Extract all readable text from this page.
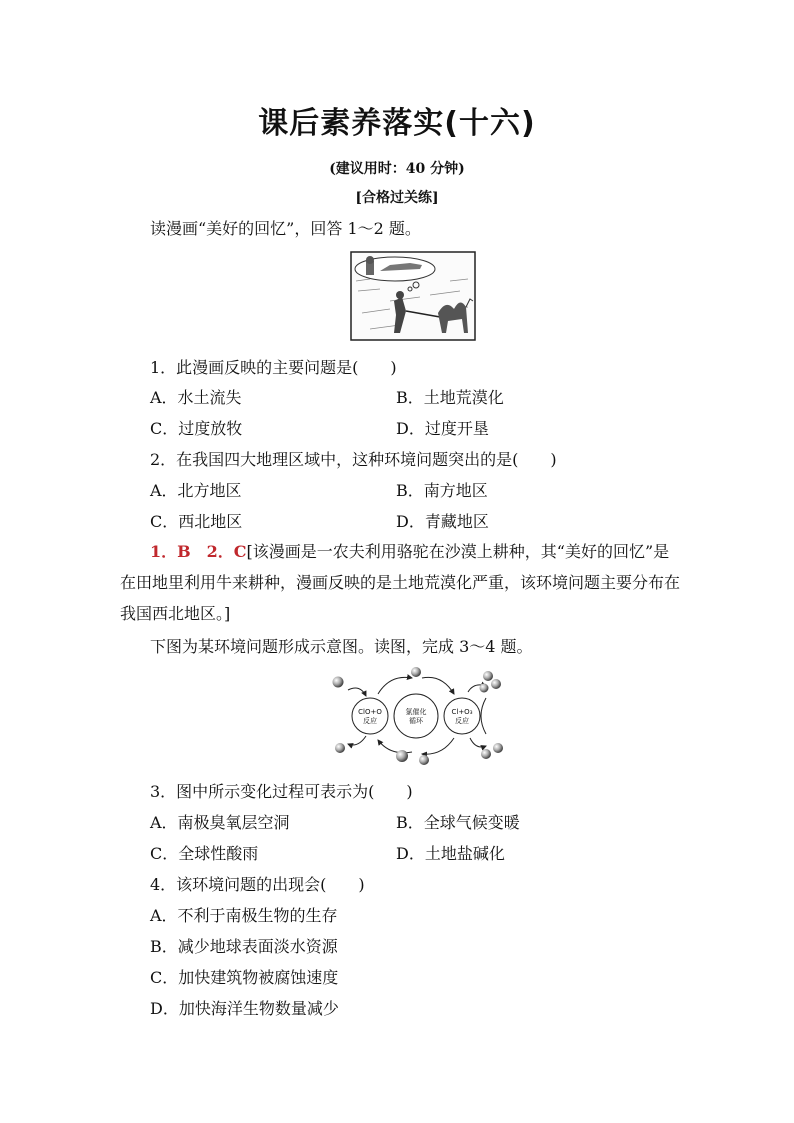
课后素养落实(十六)
(建议用时：40 分钟)
[合格过关练]
读漫画“美好的回忆”，回答 1～2 题。
1．此漫画反映的主要问题是(　　)
A．水土流失	B．土地荒漠化
C．过度放牧	D．过度开垦
2．在我国四大地理区域中，这种环境问题突出的是(　　)
A．北方地区	B．南方地区
C．西北地区	D．青藏地区
1．B　2．C[该漫画是一农夫利用骆驼在沙漠上耕种，其“美好的回忆”是在田地里利用牛来耕种，漫画反映的是土地荒漠化严重，该环境问题主要分布在我国西北地区。]
下图为某环境问题形成示意图。读图，完成 3～4 题。
ClO+O
反应
氯催化
循环
Cl+O₃
反应
3．图中所示变化过程可表示为(　　)
A．南极臭氧层空洞	B．全球气候变暖
C．全球性酸雨	D．土地盐碱化
4．该环境问题的出现会(　　)
A．不利于南极生物的生存
B．减少地球表面淡水资源
C．加快建筑物被腐蚀速度
D．加快海洋生物数量减少
